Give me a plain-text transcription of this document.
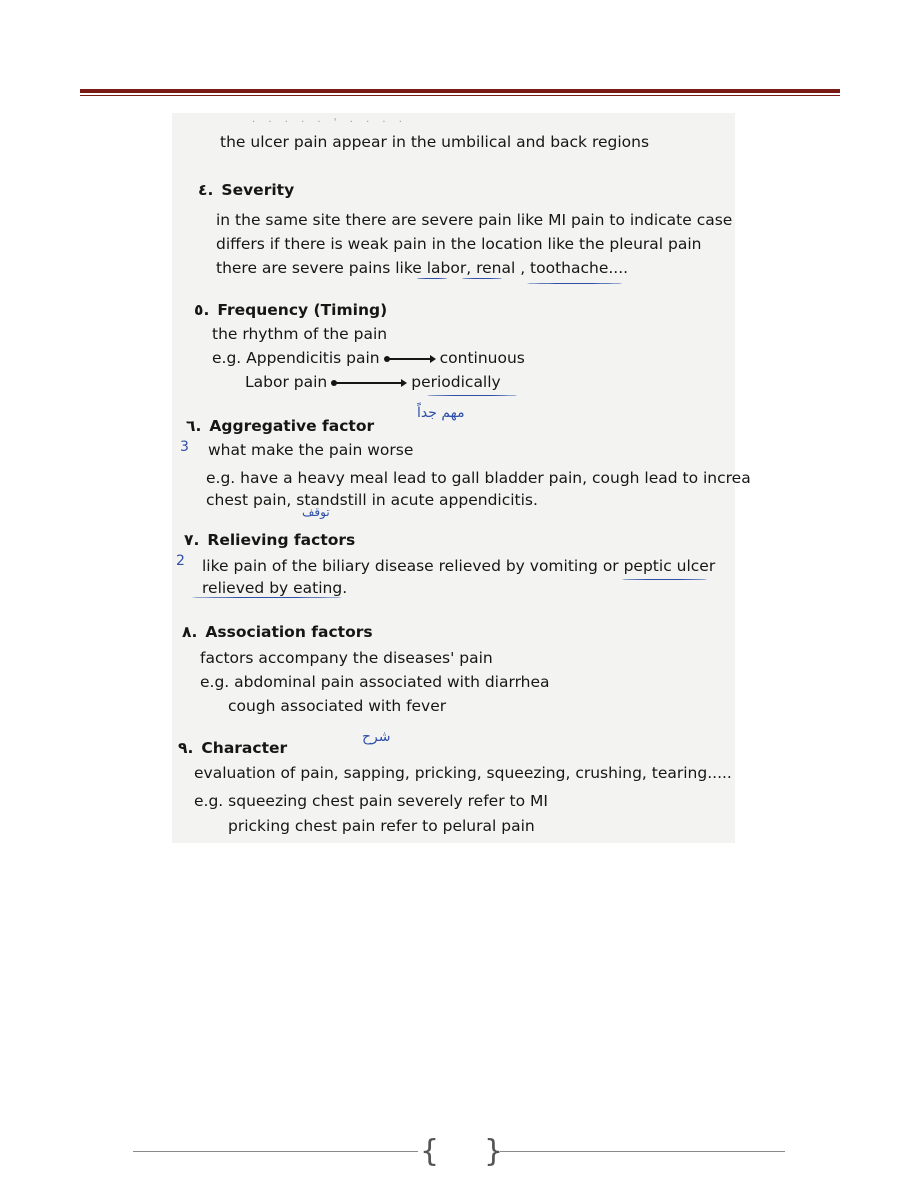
· · · · · ' · · · ·
the ulcer pain appear in the umbilical and back regions
٤. Severity
in the same site there are severe pain like MI pain to indicate case
differs if there is weak pain in the location like the pleural pain
there are severe pains like labor, renal , toothache....
٥. Frequency (Timing)
the rhythm of the pain
e.g. Appendicitis pain	continuous
Labor pain	periodically
مهم جداً
٦. Aggregative factor
3 what make the pain worse
e.g. have a heavy meal lead to gall bladder pain, cough lead to increa
chest pain, standstill in acute appendicitis.
توقف
٧. Relieving factors
2 like pain of the biliary disease relieved by vomiting or peptic ulcer
relieved by eating.
٨. Association factors
factors accompany the diseases' pain
e.g. abdominal pain associated with diarrhea
cough associated with fever
شرح
٩. Character
evaluation of pain, sapping, pricking, squeezing, crushing, tearing.....
e.g. squeezing chest pain severely refer to MI
pricking chest pain refer to pelural pain
{ }
